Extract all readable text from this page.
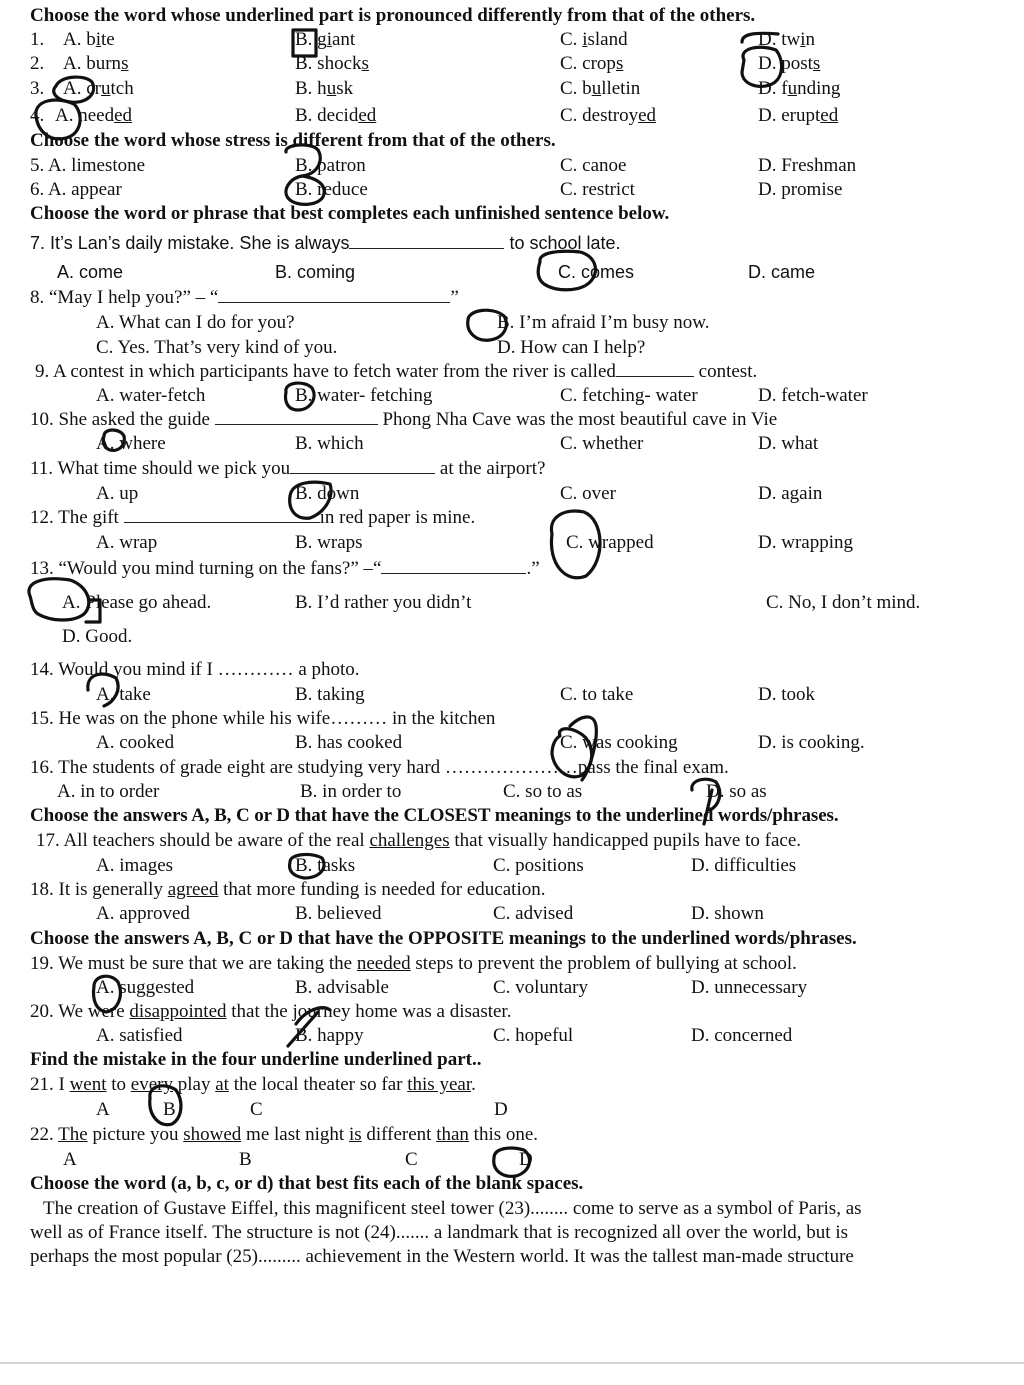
Choose the word whose underlined part is pronounced differently from that of the others.
1. A. bite	B. giant	C. island	D. twin
2. A. burns	B. shocks	C. crops	D. posts
3. A. crutch	B. husk	C. bulletin	D. funding
4. A. needed	B. decided	C. destroyed	D. erupted
Choose the word whose stress is different from that of the others.
5. A. limestone	B. patron	C. canoe	D. Freshman
6. A. appear	B. reduce	C. restrict	D. promise
Choose the word or phrase that best completes each unfinished sentence below.
7. It’s Lan’s daily mistake. She is always	to school late.
A. come	B. coming	C. comes	D. came
8. “May I help you?” – “	”
A. What can I do for you?	B. I’m afraid I’m busy now.
C. Yes. That’s very kind of you.	D. How can I help?
9. A contest in which participants have to fetch water from the river is called	contest.
A. water-fetch	B. water- fetching	C. fetching- water	D. fetch-water
10. She asked the guide	Phong Nha Cave was the most beautiful cave in Vie
A. where	B. which	C. whether	D. what
11. What time should we pick you	at the airport?
A. up	B. down	C. over	D. again
12. The gift	in red paper is mine.
A. wrap	B. wraps	C. wrapped	D. wrapping
13. “Would you mind turning on the fans?” –“	.”
A. Please go ahead.	B. I’d rather you didn’t	C. No, I don’t mind.
D. Good.
14. Would you mind if I ………… a photo.
A. take	B. taking	C. to take	D. took
15. He was on the phone while his wife……… in the kitchen
A. cooked	B. has cooked	C. was cooking	D. is cooking.
16. The students of grade eight are studying very hard …………………pass the final exam.
A. in to order	B. in order to	C. so to as	D. so as
Choose the answers A, B, C or D that have the CLOSEST meanings to the underlined words/phrases.
17. All teachers should be aware of the real challenges that visually handicapped pupils have to face.
A. images	B. tasks	C. positions	D. difficulties
18. It is generally agreed that more funding is needed for education.
A. approved	B. believed	C. advised	D. shown
Choose the answers A, B, C or D that have the OPPOSITE meanings to the underlined words/phrases.
19. We must be sure that we are taking the needed steps to prevent the problem of bullying at school.
A. suggested	B. advisable	C. voluntary	D. unnecessary
20. We were disappointed that the journey home was a disaster.
A. satisfied	B. happy	C. hopeful	D. concerned
Find the mistake in the four underline underlined part..
21. I went to every play at the local theater so far this year.
A	B	C	D
22. The picture you showed me last night is different than this one.
A	B	C	D
Choose the word (a, b, c, or d) that best fits each of the blank spaces.
The creation of Gustave Eiffel, this magnificent steel tower (23)........ come to serve as a symbol of Paris, as
well as of France itself. The structure is not (24)....... a landmark that is recognized all over the world, but is
perhaps the most popular (25)......... achievement in the Western world. It was the tallest man-made structure
